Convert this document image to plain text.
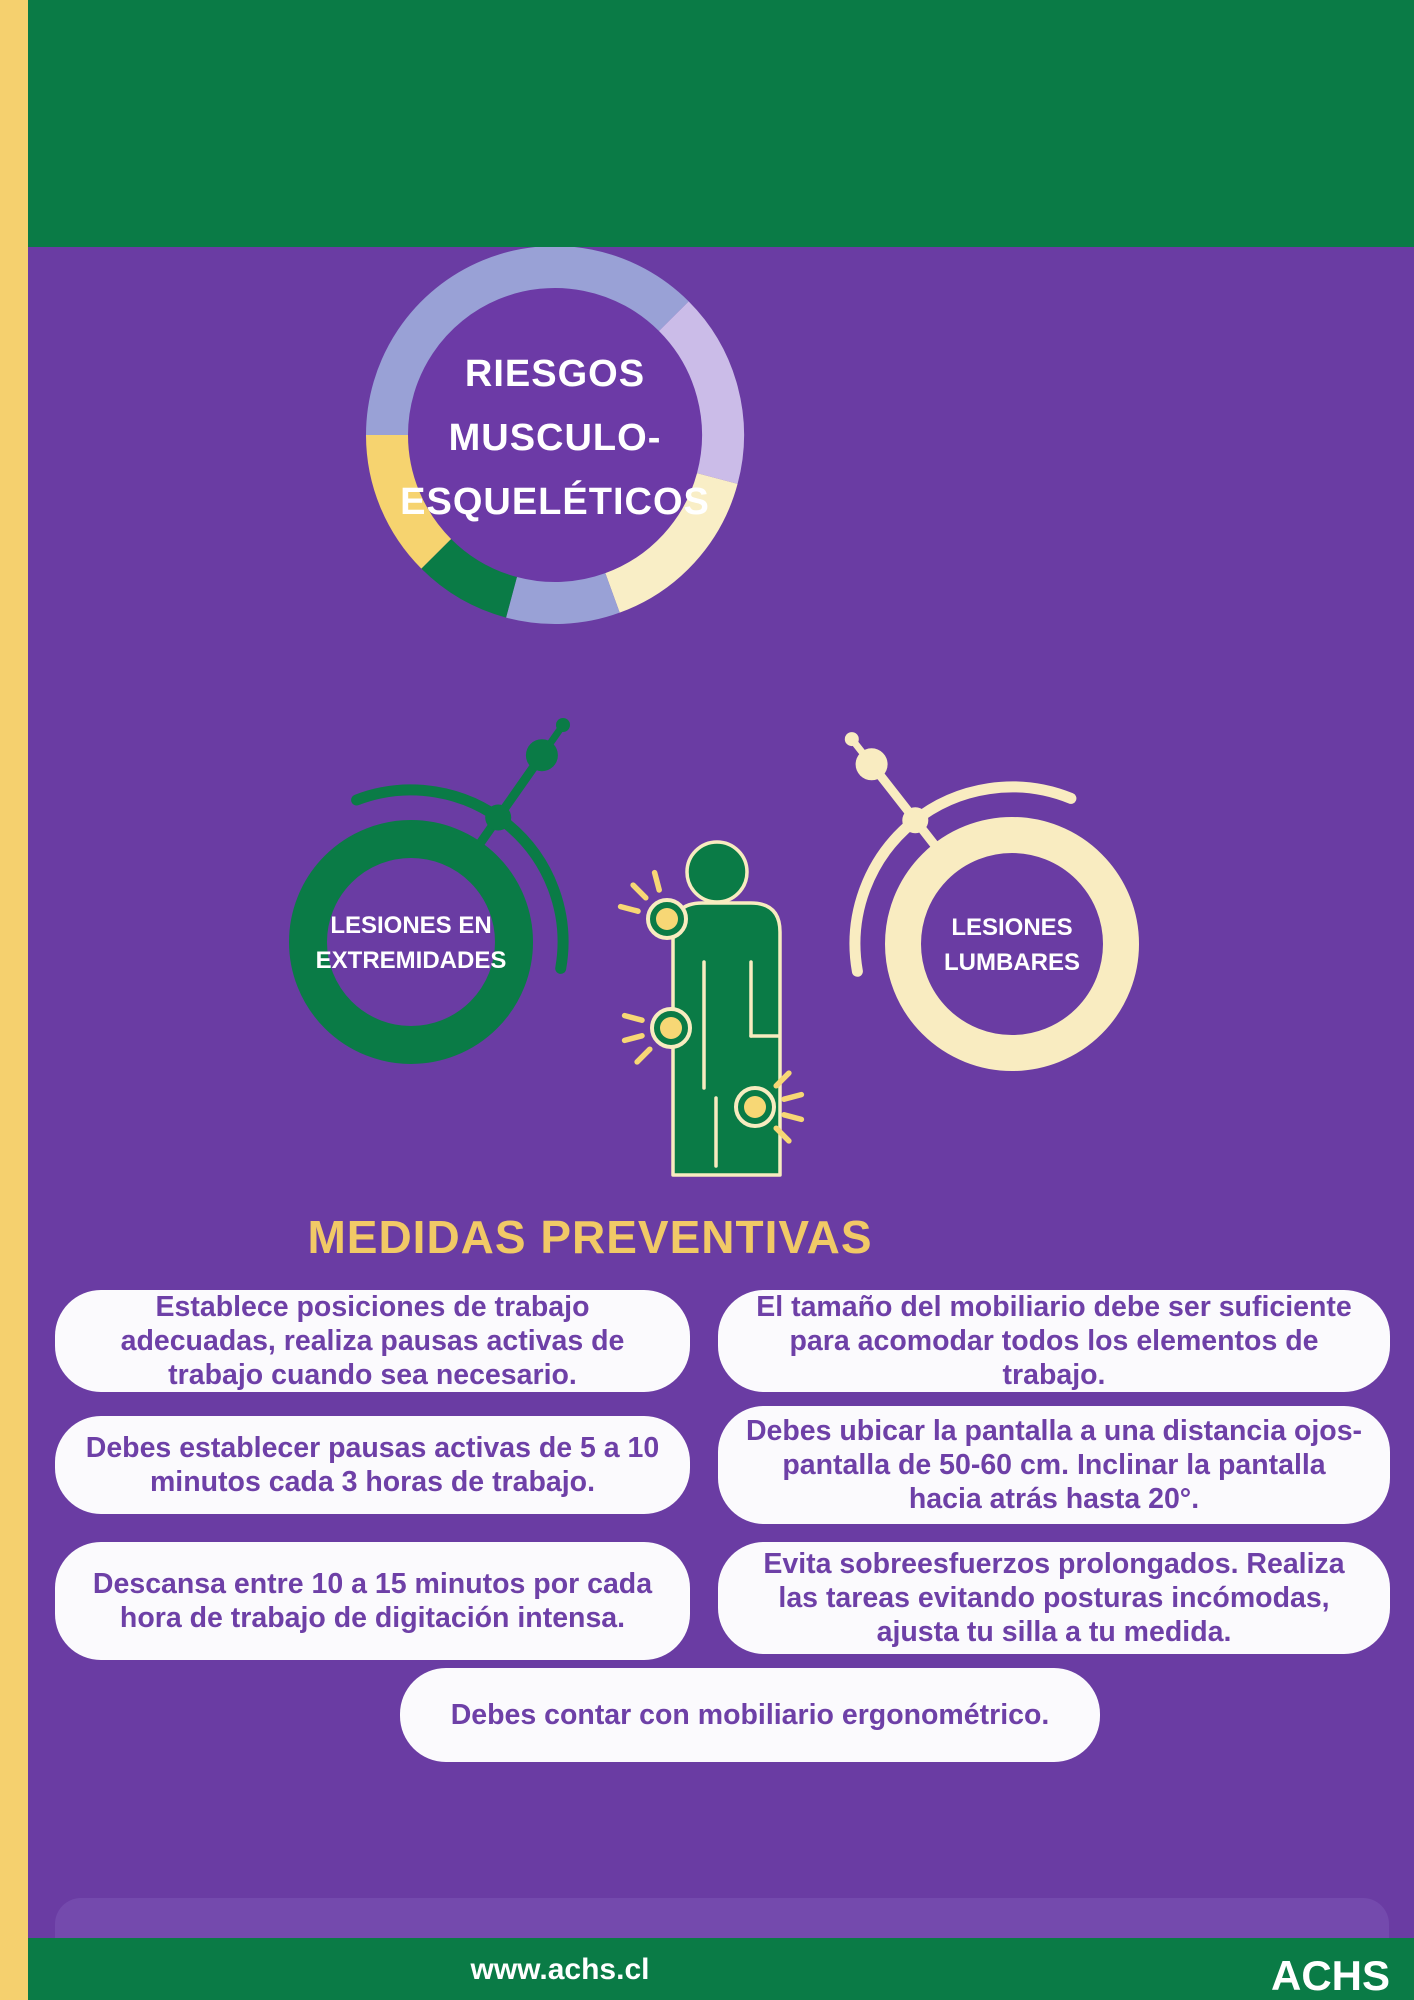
RIESGOS
MUSCULO-
ESQUELÉTICOS
LESIONES EN
EXTREMIDADES
LESIONES
LUMBARES
MEDIDAS PREVENTIVAS
Establece posiciones de trabajo adecuadas, realiza pausas activas de trabajo cuando sea necesario.
El tamaño del mobiliario debe ser suficiente para acomodar todos los elementos de trabajo.
Debes establecer pausas activas de 5 a 10 minutos cada 3 horas de trabajo.
Debes ubicar la pantalla a una distancia ojos-pantalla de 50-60 cm. Inclinar la pantalla hacia atrás hasta 20°.
Descansa entre 10 a 15 minutos por cada hora de trabajo de digitación intensa.
Evita sobreesfuerzos prolongados. Realiza las tareas evitando posturas incómodas, ajusta tu silla a tu medida.
Debes contar con mobiliario ergonométrico.
www.achs.cl	ACHS
